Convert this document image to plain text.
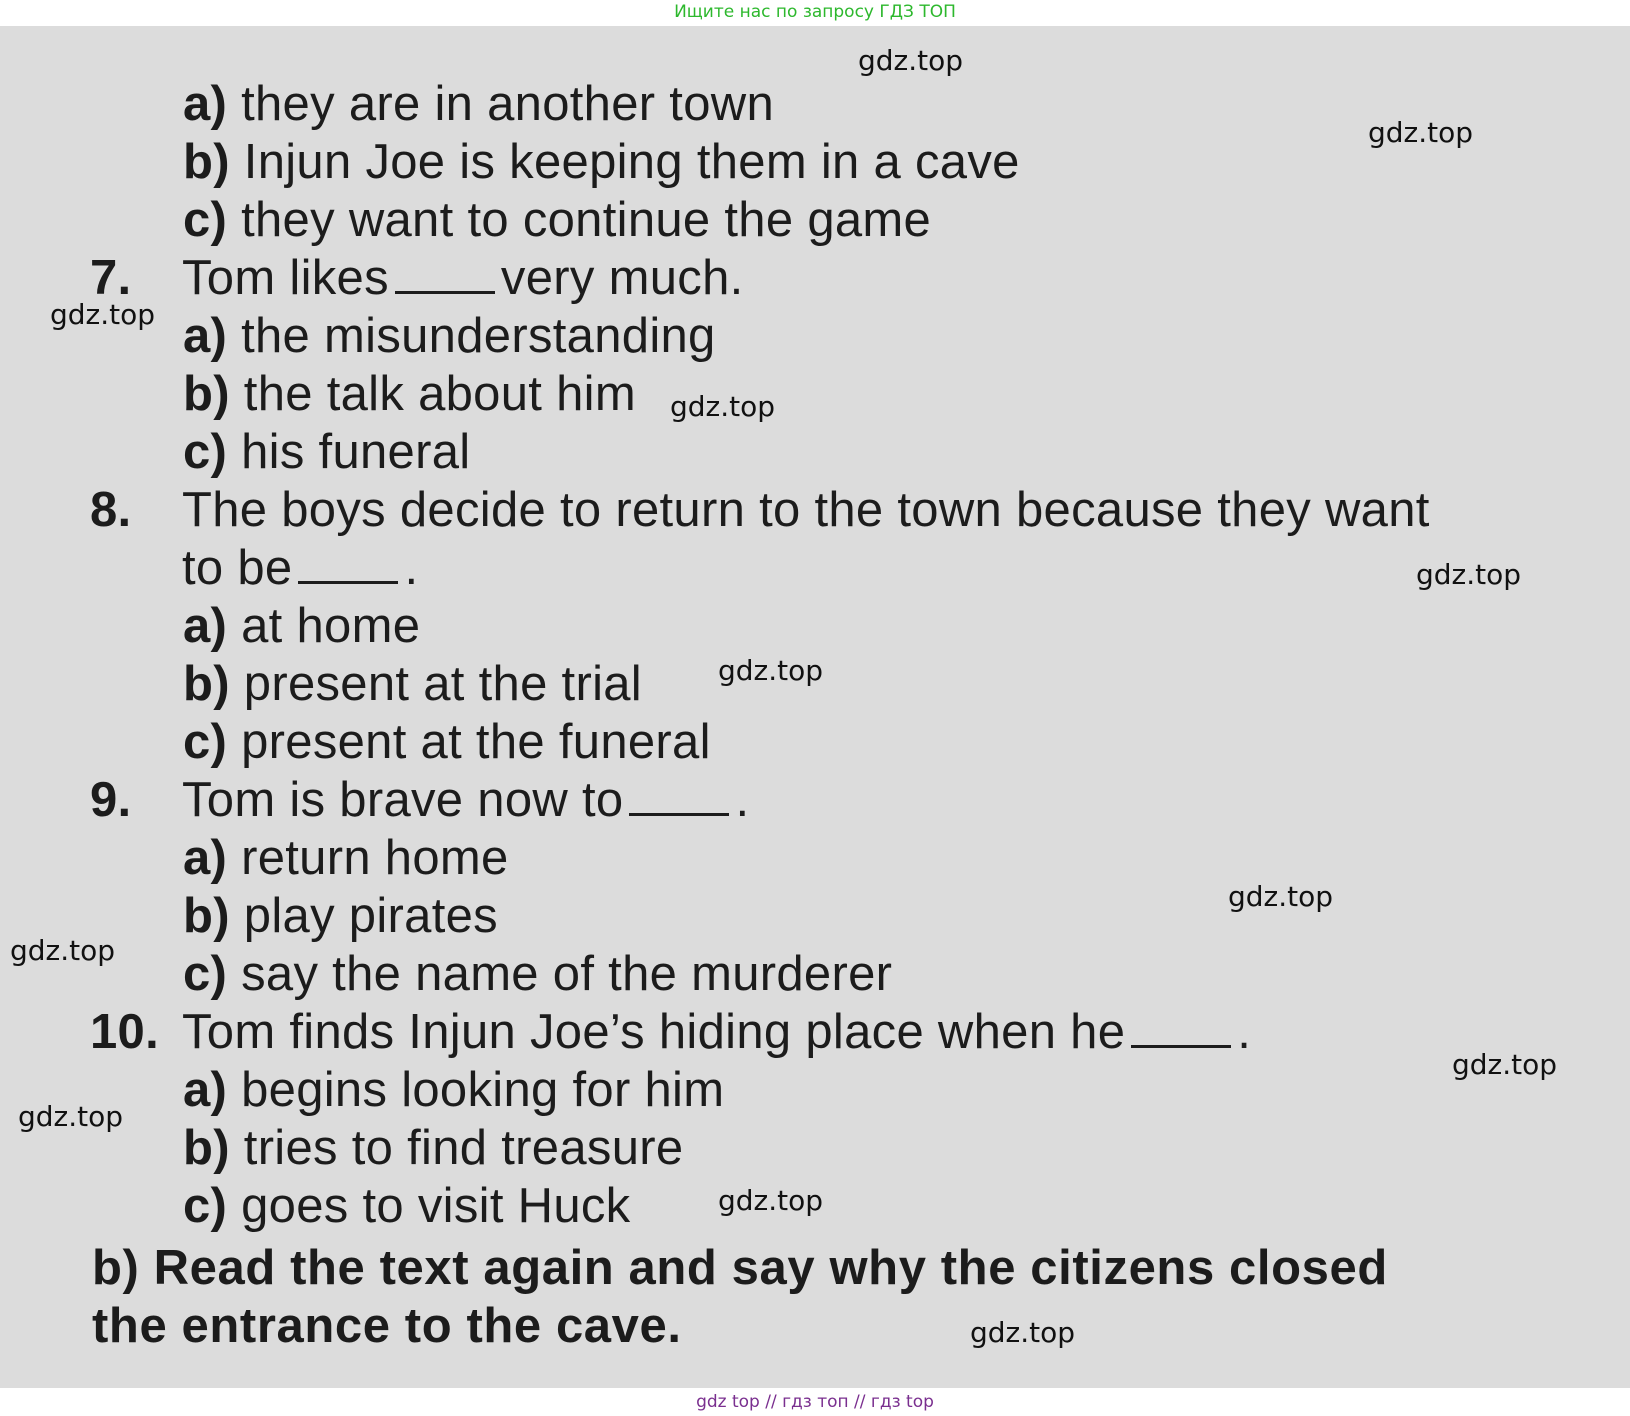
Ищите нас по запросу ГДЗ ТОП
a) they are in another town
b) Injun Joe is keeping them in a cave
c) they want to continue the game
7. Tom likes very much.
a) the misunderstanding
b) the talk about him
c) his funeral
8. The boys decide to return to the town because they want
to be .
a) at home
b) present at the trial
c) present at the funeral
9. Tom is brave now to .
a) return home
b) play pirates
c) say the name of the murderer
10. Tom finds Injun Joe’s hiding place when he .
a) begins looking for him
b) tries to find treasure
c) goes to visit Huck
b) Read the text again and say why the citizens closed
the entrance to the cave.
gdz.top
gdz.top
gdz.top
gdz.top
gdz.top
gdz.top
gdz.top
gdz.top
gdz.top
gdz.top
gdz.top
gdz.top
gdz top // гдз топ // гдз top
